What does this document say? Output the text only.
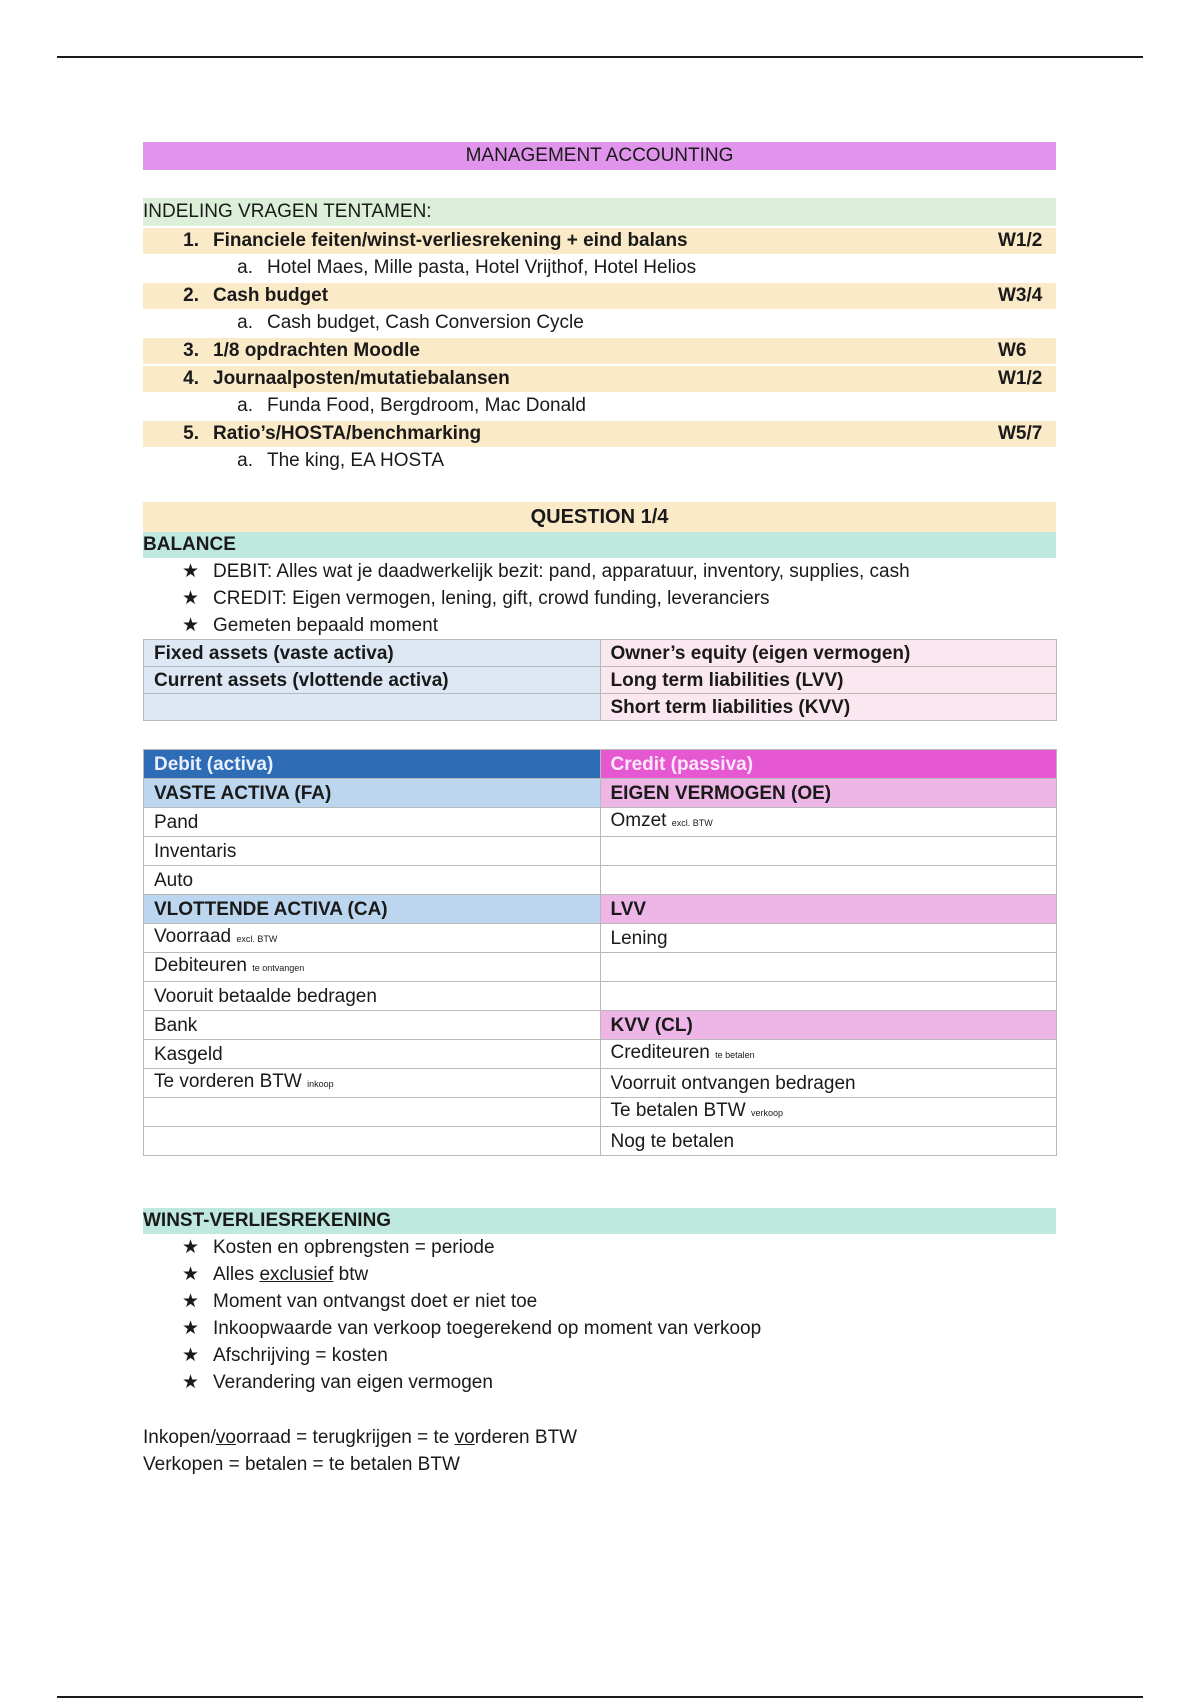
MANAGEMENT ACCOUNTING
INDELING VRAGEN TENTAMEN:
1. Financiele feiten/winst-verliesrekening + eind balans	W1/2
a. Hotel Maes, Mille pasta, Hotel Vrijthof, Hotel Helios
2. Cash budget	W3/4
a. Cash budget, Cash Conversion Cycle
3. 1/8 opdrachten Moodle	W6
4. Journaalposten/mutatiebalansen	W1/2
a. Funda Food, Bergdroom, Mac Donald
5. Ratio’s/HOSTA/benchmarking	W5/7
a. The king, EA HOSTA
QUESTION 1/4
BALANCE
★ DEBIT: Alles wat je daadwerkelijk bezit: pand, apparatuur, inventory, supplies, cash
★ CREDIT: Eigen vermogen, lening, gift, crowd funding, leveranciers
★ Gemeten bepaald moment
Fixed assets (vaste activa)	Owner’s equity (eigen vermogen)
Current assets (vlottende activa)	Long term liabilities (LVV)
	Short term liabilities (KVV)
Debit (activa)	Credit (passiva)
VASTE ACTIVA (FA)	EIGEN VERMOGEN (OE)
Pand	Omzet excl. BTW
Inventaris	
Auto	
VLOTTENDE ACTIVA (CA)	LVV
Voorraad excl. BTW	Lening
Debiteuren te ontvangen	
Vooruit betaalde bedragen	
Bank	KVV (CL)
Kasgeld	Crediteuren te betalen
Te vorderen BTW inkoop	Voorruit ontvangen bedragen
	Te betalen BTW verkoop
	Nog te betalen
WINST-VERLIESREKENING
★ Kosten en opbrengsten = periode
★ Alles exclusief btw
★ Moment van ontvangst doet er niet toe
★ Inkoopwaarde van verkoop toegerekend op moment van verkoop
★ Afschrijving = kosten
★ Verandering van eigen vermogen
Inkopen/voorraad = terugkrijgen = te vorderen BTW
Verkopen = betalen = te betalen BTW
